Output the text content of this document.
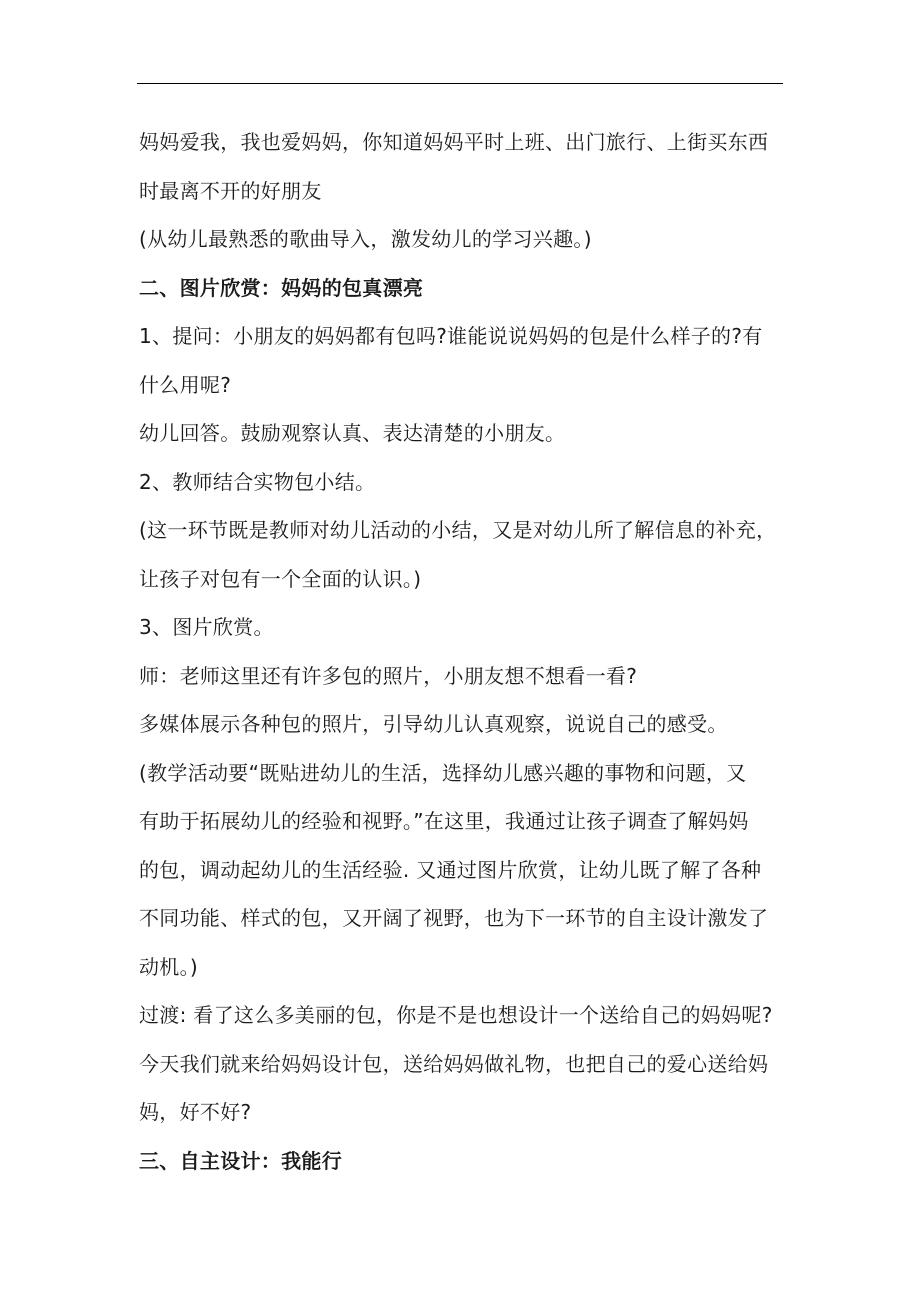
妈妈爱我，我也爱妈妈，你知道妈妈平时上班、出门旅行、上街买东西
时最离不开的好朋友
(从幼儿最熟悉的歌曲导入，激发幼儿的学习兴趣。)
二、图片欣赏：妈妈的包真漂亮
1、提问：小朋友的妈妈都有包吗?谁能说说妈妈的包是什么样子的?有
什么用呢?
幼儿回答。鼓励观察认真、表达清楚的小朋友。
2、教师结合实物包小结。
(这一环节既是教师对幼儿活动的小结，又是对幼儿所了解信息的补充，
让孩子对包有一个全面的认识。)
3、图片欣赏。
师：老师这里还有许多包的照片，小朋友想不想看一看?
多媒体展示各种包的照片，引导幼儿认真观察，说说自己的感受。
(教学活动要“既贴进幼儿的生活，选择幼儿感兴趣的事物和问题，又
有助于拓展幼儿的经验和视野。”在这里，我通过让孩子调查了解妈妈
的包，调动起幼儿的生活经验. 又通过图片欣赏，让幼儿既了解了各种
不同功能、样式的包，又开阔了视野，也为下一环节的自主设计激发了
动机。)
过渡: 看了这么多美丽的包，你是不是也想设计一个送给自己的妈妈呢?
今天我们就来给妈妈设计包，送给妈妈做礼物，也把自己的爱心送给妈
妈，好不好?
三、自主设计：我能行
